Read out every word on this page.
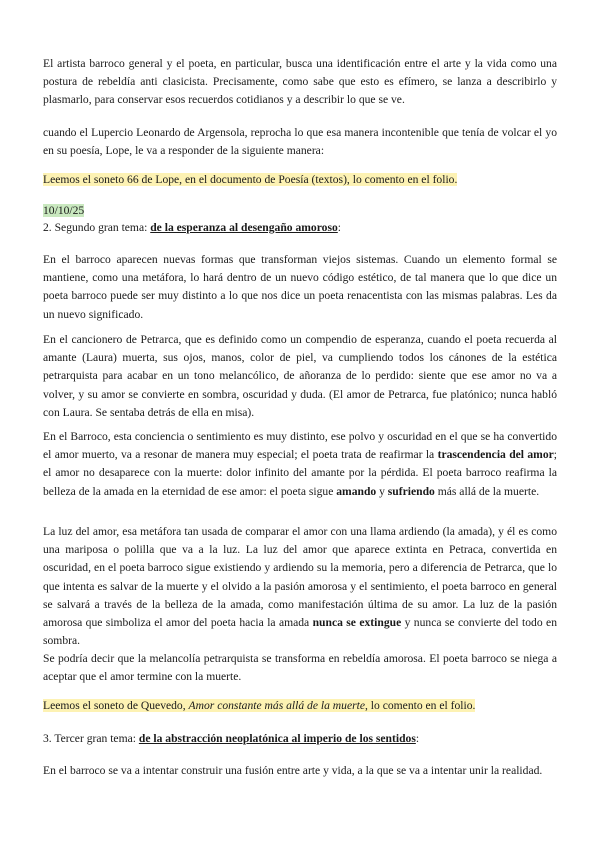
El artista barroco general y el poeta, en particular, busca una identificación entre el arte y la vida como una postura de rebeldía anti clasicista. Precisamente, como sabe que esto es efímero, se lanza a describirlo y plasmarlo, para conservar esos recuerdos cotidianos y a describir lo que se ve.

cuando el Lupercio Leonardo de Argensola, reprocha lo que esa manera incontenible que tenía de volcar el yo en su poesía, Lope, le va a responder de la siguiente manera:

Leemos el soneto 66 de Lope, en el documento de Poesía (textos), lo comento en el folio.

10/10/25

2. Segundo gran tema: de la esperanza al desengaño amoroso:

En el barroco aparecen nuevas formas que transforman viejos sistemas. Cuando un elemento formal se mantiene, como una metáfora, lo hará dentro de un nuevo código estético, de tal manera que lo que dice un poeta barroco puede ser muy distinto a lo que nos dice un poeta renacentista con las mismas palabras. Les da un nuevo significado.

En el cancionero de Petrarca, que es definido como un compendio de esperanza, cuando el poeta recuerda al amante (Laura) muerta, sus ojos, manos, color de piel, va cumpliendo todos los cánones de la estética petrarquista para acabar en un tono melancólico, de añoranza de lo perdido: siente que ese amor no va a volver, y su amor se convierte en sombra, oscuridad y duda. (El amor de Petrarca, fue platónico; nunca habló con Laura. Se sentaba detrás de ella en misa).

En el Barroco, esta conciencia o sentimiento es muy distinto, ese polvo y oscuridad en el que se ha convertido el amor muerto, va a resonar de manera muy especial; el poeta trata de reafirmar la trascendencia del amor; el amor no desaparece con la muerte: dolor infinito del amante por la pérdida. El poeta barroco reafirma la belleza de la amada en la eternidad de ese amor: el poeta sigue amando y sufriendo más allá de la muerte.

La luz del amor, esa metáfora tan usada de comparar el amor con una llama ardiendo (la amada), y él es como una mariposa o polilla que va a la luz. La luz del amor que aparece extinta en Petraca, convertida en oscuridad, en el poeta barroco sigue existiendo y ardiendo su la memoria, pero a diferencia de Petrarca, que lo que intenta es salvar de la muerte y el olvido a la pasión amorosa y el sentimiento, el poeta barroco en general se salvará a través de la belleza de la amada, como manifestación última de su amor. La luz de la pasión amorosa que simboliza el amor del poeta hacia la amada nunca se extingue y nunca se convierte del todo en sombra.

Se podría decir que la melancolía petrarquista se transforma en rebeldía amorosa. El poeta barroco se niega a aceptar que el amor termine con la muerte.

Leemos el soneto de Quevedo, Amor constante más allá de la muerte, lo comento en el folio.

3. Tercer gran tema: de la abstracción neoplatónica al imperio de los sentidos:

En el barroco se va a intentar construir una fusión entre arte y vida, a la que se va a intentar unir la realidad.
